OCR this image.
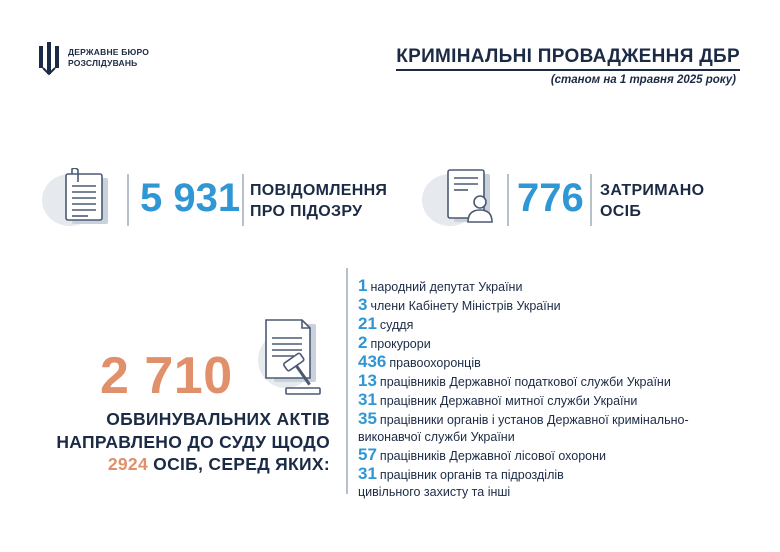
ДЕРЖАВНЕ БЮРО
РОЗСЛІДУВАНЬ	КРИМІНАЛЬНІ ПРОВАДЖЕННЯ ДБР
(станом на 1 травня 2025 року)
5 931 ПОВІДОМЛЕННЯ
ПРО ПІДОЗРУ	776 ЗАТРИМАНО
ОСІБ
2 710
ОБВИНУВАЛЬНИХ АКТІВ
НАПРАВЛЕНО ДО СУДУ ЩОДО
2924 ОСІБ, СЕРЕД ЯКИХ:
1 народний депутат України
3 члени Кабінету Міністрів України
21 суддя
2 прокурори
436 правоохоронців
13 працівників Державної податкової служби України
31 працівник Державної митної служби України
35 працівники органів і установ Державної кримінально-
виконавчої служби України
57 працівників Державної лісової охорони
31 працівник органів та підрозділів
цивільного захисту та інші
